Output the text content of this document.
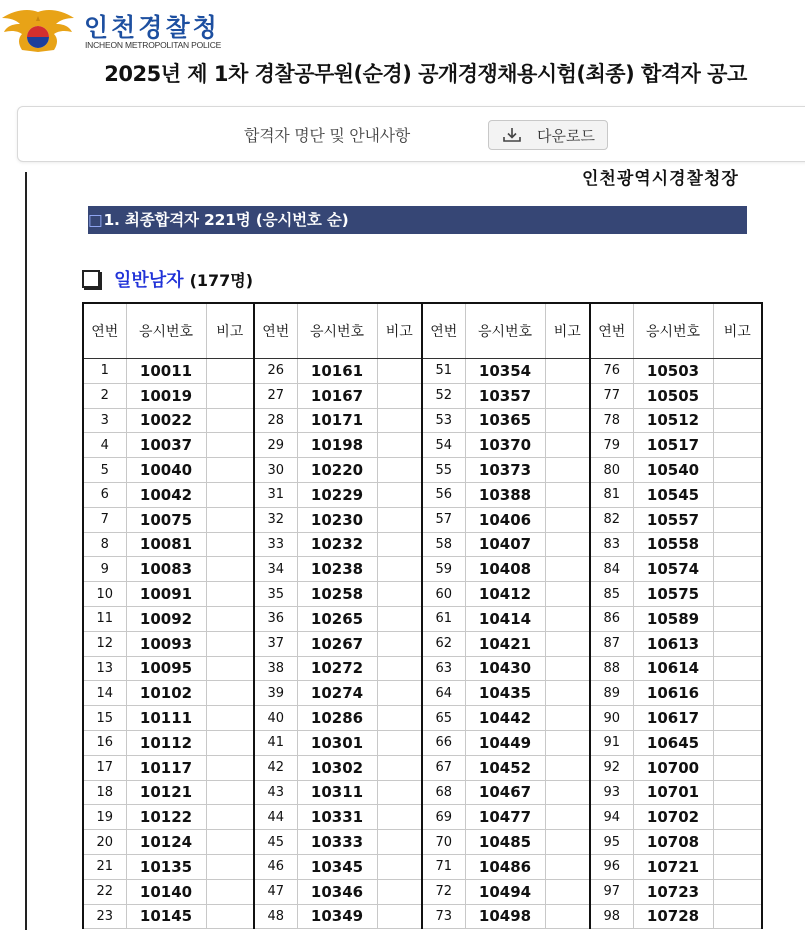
인천경찰청
INCHEON METROPOLITAN POLICE
2025년 제 1차 경찰공무원(순경) 공개경쟁채용시험(최종) 합격자 공고
합격자 명단 및 안내사항	다운로드
인천광역시경찰청장
□1. 최종합격자 221명 (응시번호 순)
일반남자 (177명)
연번	응시번호	비고	연번	응시번호	비고	연번	응시번호	비고	연번	응시번호	비고
1	10011		26	10161		51	10354		76	10503	
2	10019		27	10167		52	10357		77	10505	
3	10022		28	10171		53	10365		78	10512	
4	10037		29	10198		54	10370		79	10517	
5	10040		30	10220		55	10373		80	10540	
6	10042		31	10229		56	10388		81	10545	
7	10075		32	10230		57	10406		82	10557	
8	10081		33	10232		58	10407		83	10558	
9	10083		34	10238		59	10408		84	10574	
10	10091		35	10258		60	10412		85	10575	
11	10092		36	10265		61	10414		86	10589	
12	10093		37	10267		62	10421		87	10613	
13	10095		38	10272		63	10430		88	10614	
14	10102		39	10274		64	10435		89	10616	
15	10111		40	10286		65	10442		90	10617	
16	10112		41	10301		66	10449		91	10645	
17	10117		42	10302		67	10452		92	10700	
18	10121		43	10311		68	10467		93	10701	
19	10122		44	10331		69	10477		94	10702	
20	10124		45	10333		70	10485		95	10708	
21	10135		46	10345		71	10486		96	10721	
22	10140		47	10346		72	10494		97	10723	
23	10145		48	10349		73	10498		98	10728	
